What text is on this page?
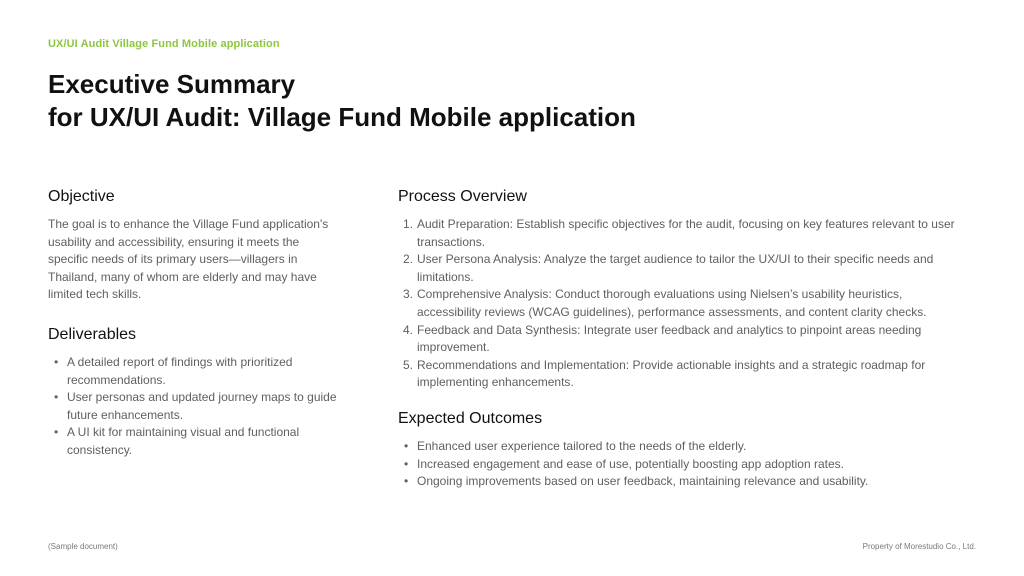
UX/UI Audit Village Fund Mobile application
Executive Summary
for UX/UI Audit: Village Fund Mobile application
Objective

The goal is to enhance the Village Fund application's usability and accessibility, ensuring it meets the specific needs of its primary users—villagers in Thailand, many of whom are elderly and may have limited tech skills.

Deliverables
• A detailed report of findings with prioritized recommendations.
• User personas and updated journey maps to guide future enhancements.
• A UI kit for maintaining visual and functional consistency.
Process Overview
1. Audit Preparation: Establish specific objectives for the audit, focusing on key features relevant to user transactions.
2. User Persona Analysis: Analyze the target audience to tailor the UX/UI to their specific needs and limitations.
3. Comprehensive Analysis: Conduct thorough evaluations using Nielsen’s usability heuristics, accessibility reviews (WCAG guidelines), performance assessments, and content clarity checks.
4. Feedback and Data Synthesis: Integrate user feedback and analytics to pinpoint areas needing improvement.
5. Recommendations and Implementation: Provide actionable insights and a strategic roadmap for implementing enhancements.
Expected Outcomes
• Enhanced user experience tailored to the needs of the elderly.
• Increased engagement and ease of use, potentially boosting app adoption rates.
• Ongoing improvements based on user feedback, maintaining relevance and usability.
(Sample document)	Property of Morestudio Co., Ltd.
